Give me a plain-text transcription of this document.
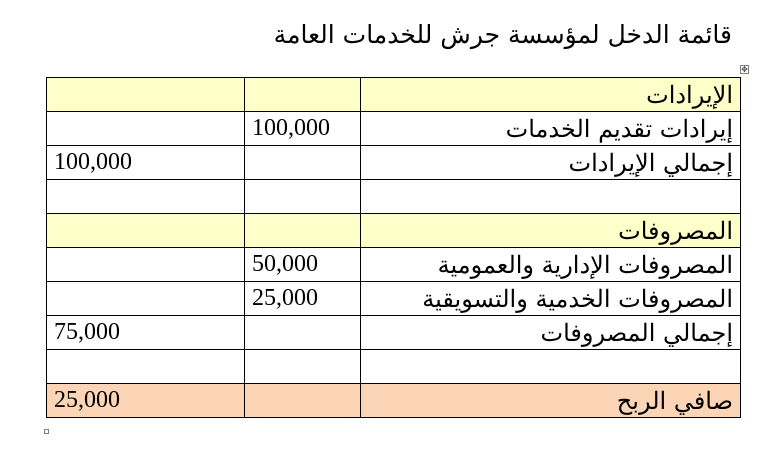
قائمة الدخل لمؤسسة جرش للخدمات العامة
✥
الإيرادات		
إيرادات تقديم الخدمات	100,000	
إجمالي الإيرادات		100,000

المصروفات		
المصروفات الإدارية والعمومية	50,000	
المصروفات الخدمية والتسويقية	25,000	
إجمالي المصروفات		75,000

صافي الربح		25,000
